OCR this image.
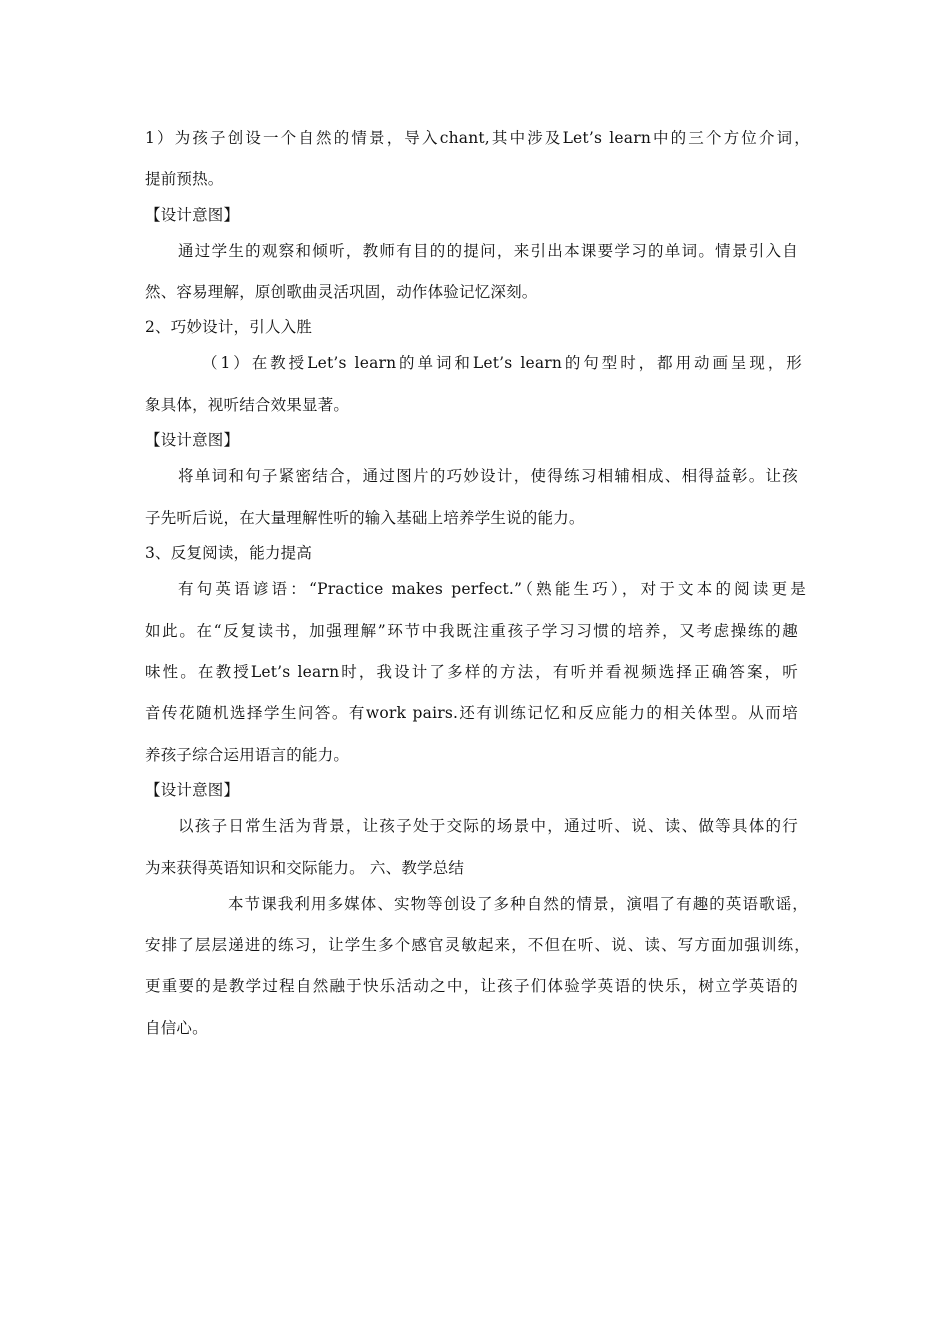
1）为孩子创设一个自然的情景，导入chant,其中涉及Let’s learn中的三个方位介词，
提前预热。
【设计意图】
通过学生的观察和倾听，教师有目的的提问，来引出本课要学习的单词。情景引入自
然、容易理解，原创歌曲灵活巩固，动作体验记忆深刻。
2、巧妙设计，引人入胜
（1）在教授Let’s learn的单词和Let’s learn的句型时，都用动画呈现，形
象具体，视听结合效果显著。
【设计意图】
将单词和句子紧密结合，通过图片的巧妙设计，使得练习相辅相成、相得益彰。让孩
子先听后说，在大量理解性听的输入基础上培养学生说的能力。
3、反复阅读，能力提高
有句英语谚语：“Practice makes perfect.”（熟能生巧），对于文本的阅读更是
如此。在“反复读书，加强理解”环节中我既注重孩子学习习惯的培养，又考虑操练的趣
味性。在教授Let’s learn时，我设计了多样的方法，有听并看视频选择正确答案，听
音传花随机选择学生问答。有work pairs.还有训练记忆和反应能力的相关体型。从而培
养孩子综合运用语言的能力。
【设计意图】
以孩子日常生活为背景，让孩子处于交际的场景中，通过听、说、读、做等具体的行
为来获得英语知识和交际能力。 六、教学总结
本节课我利用多媒体、实物等创设了多种自然的情景，演唱了有趣的英语歌谣，
安排了层层递进的练习，让学生多个感官灵敏起来，不但在听、说、读、写方面加强训练，
更重要的是教学过程自然融于快乐活动之中，让孩子们体验学英语的快乐，树立学英语的
自信心。
